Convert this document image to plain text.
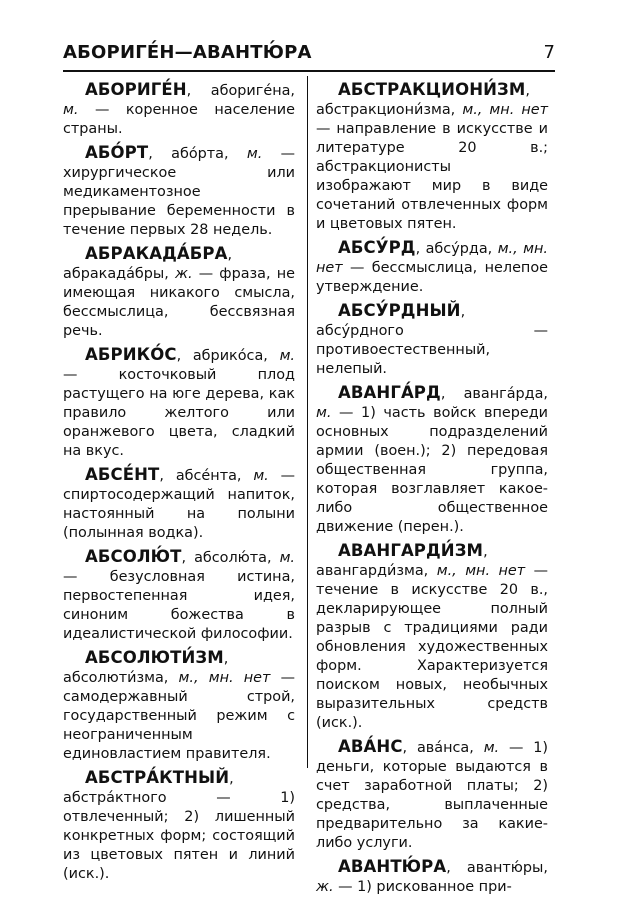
АБОРИГЕ́Н—АВАНТЮ́РА	7

АБОРИГЕ́Н, абориге́на, м. — коренное население страны.

АБО́РТ, або́рта, м. — хирургическое или медикаментозное прерывание беременности в течение первых 28 недель.

АБРАКАДА́БРА, абракада́бры, ж. — фраза, не имеющая никакого смысла, бессмыслица, бессвязная речь.

АБРИКО́С, абрико́са, м. — косточковый плод растущего на юге дерева, как правило желтого или оранжевого цвета, сладкий на вкус.

АБСЕ́НТ, абсе́нта, м. — спиртосодержащий напиток, настоянный на полыни (полынная водка).

АБСОЛЮ́Т, абсолю́та, м. — безусловная истина, первостепенная идея, синоним божества в идеалистической философии.

АБСОЛЮТИ́ЗМ, абсолюти́зма, м., мн. нет — самодержавный строй, государственный режим с неограниченным единовластием правителя.

АБСТРА́КТНЫЙ, абстра́ктного — 1) отвлеченный; 2) лишенный конкретных форм; состоящий из цветовых пятен и линий (иск.).

АБСТРАКЦИОНИ́ЗМ, абстракциони́зма, м., мн. нет — направление в искусстве и литературе 20 в.; абстракционисты изображают мир в виде сочетаний отвлеченных форм и цветовых пятен.

АБСУ́РД, абсу́рда, м., мн. нет — бессмыслица, нелепое утверждение.

АБСУ́РДНЫЙ, абсу́рдного — противоестественный, нелепый.

АВАНГА́РД, аванга́рда, м. — 1) часть войск впереди основных подразделений армии (воен.); 2) передовая общественная группа, которая возглавляет какое-либо общественное движение (перен.).

АВАНГАРДИ́ЗМ, авангарди́зма, м., мн. нет — течение в искусстве 20 в., декларирующее полный разрыв с традициями ради обновления художественных форм. Характеризуется поиском новых, необычных выразительных средств (иск.).

АВА́НС, ава́нса, м. — 1) деньги, которые выдаются в счет заработной платы; 2) средства, выплаченные предварительно за какие-либо услуги.

АВАНТЮ́РА, авантю́ры, ж. — 1) рискованное при-
